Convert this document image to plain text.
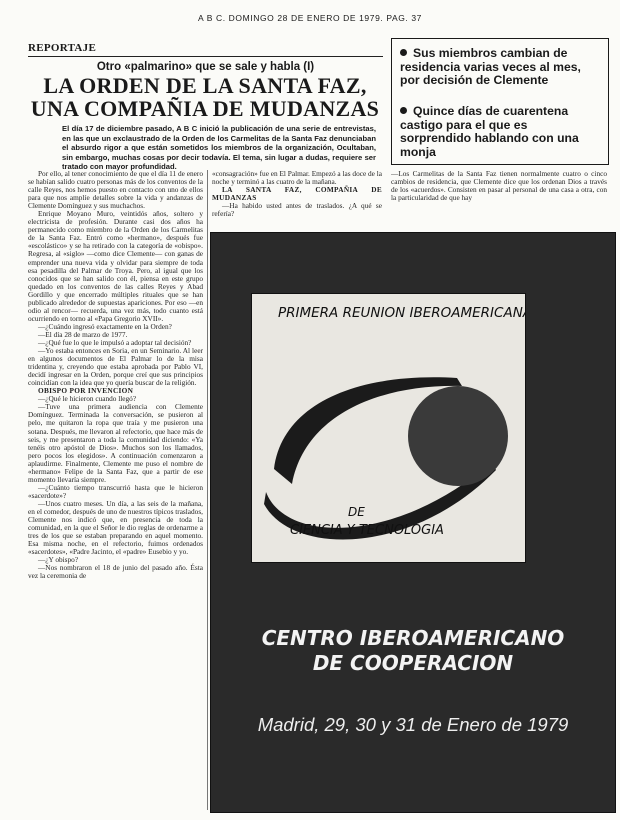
A B C. DOMINGO 28 DE ENERO DE 1979. PAG. 37
REPORTAJE
Otro «palmarino» que se sale y habla (I)
LA ORDEN DE LA SANTA FAZ, UNA COMPAÑIA DE MUDANZAS
El día 17 de diciembre pasado, A B C inició la publicación de una serie de entrevistas, en las que un exclaustrado de la Orden de los Carmelitas de la Santa Faz denunciaban el absurdo rigor a que están sometidos los miembros de la organización, Ocultaban, sin embargo, muchas cosas por decir todavía. El tema, sin lugar a dudas, requiere ser tratado con mayor profundidad.
Sus miembros cambian de residencia varias veces al mes, por decisión de Clemente
Quince días de cuarentena castigo para el que es sorprendido hablando con una monja

Por ello, al tener conocimiento de que el día 11 de enero se habían salido cuatro personas más de los conventos de la calle Reyes, nos hemos puesto en contacto con uno de ellos para que nos amplíe detalles sobre la vida y andanzas de Clemente Domínguez y sus muchachos.

Enrique Moyano Muro, veintidós años, soltero y electricista de profesión. Durante casi dos años ha permanecido como miembro de la Orden de los Carmelitas de la Santa Faz. Entró como «hermano», después fue «escolástico» y se ha retirado con la categoría de «obispo». Regresa, al «siglo» —como dice Clemente— con ganas de emprender una nueva vida y olvidar para siempre de toda esa pesadilla del Palmar de Troya. Pero, al igual que los conocidos que se han salido con él, piensa en este grupo quedado en los conventos de las calles Reyes y Abad Gordillo y que encerrado múltiples rituales que se han publicado alrededor de supuestas apariciones. Por eso —en odio al rencor— recuerda, una vez más, todo cuanto está ocurriendo en torno al «Papa Gregorio XVII».

—¿Cuándo ingresó exactamente en la Orden?

—El día 28 de marzo de 1977.

—¿Qué fue lo que le impulsó a adoptar tal decisión?

—Yo estaba entonces en Soria, en un Seminario. Al leer en algunos documentos de El Palmar lo de la misa tridentina y, creyendo que estaba aprobada por Pablo VI, decidí ingresar en la Orden, porque creí que sus principios coincidían con la idea que yo quería buscar de la religión.

OBISPO POR INVENCION

—¿Qué le hicieron cuando llegó?

—Tuve una primera audiencia con Clemente Domínguez. Terminada la conversación, se pusieron al pelo, me quitaron la ropa que traía y me pusieron una sotana. Después, me llevaron al refectorio, que hace más de seis, y me presentaron a toda la comunidad diciendo: «Ya tenéis otro apóstol de Dios». Muchos son los llamados, pero pocos los elegidos». A continuación comenzaron a aplaudirme. Finalmente, Clemente me puso el nombre de «hermano» Felipe de la Santa Faz, que a partir de ese momento llevaría siempre.

—¿Cuánto tiempo transcurrió hasta que le hicieron «sacerdote»?

—Unos cuatro meses. Un día, a las seis de la mañana, en el comedor, después de uno de nuestros típicos traslados, Clemente nos indicó que, en presencia de toda la comunidad, en la que el Señor le dio reglas de ordenarme a tres de los que se estaban preparando en aquel momento. Esa misma noche, en el refectorio, fuimos ordenados «sacerdotes», «Padre Jacinto, el «padre» Eusebio y yo.

—¿Y obispo?

—Nos nombraron el 18 de junio del pasado año. Ésta vez la ceremonia de

«consagración» fue en El Palmar. Empezó a las doce de la noche y terminó a las cuatro de la mañana.

LA SANTA FAZ, COMPAÑIA DE MUDANZAS

—Ha habido usted antes de traslados. ¿A qué se refería?

—Los Carmelitas de la Santa Faz tienen normalmente cuatro o cinco cambios de residencia, que Clemente dice que los ordenan Dios a través de los «acuerdos». Consisten en pasar al personal de una casa a otra, con la particularidad de que hay

PRIMERA REUNION IBEROAMERICANA
DE
CIENCIA Y TECNOLOGIA
CENTRO IBEROAMERICANO
DE COOPERACION
Madrid, 29, 30 y 31 de Enero de 1979
